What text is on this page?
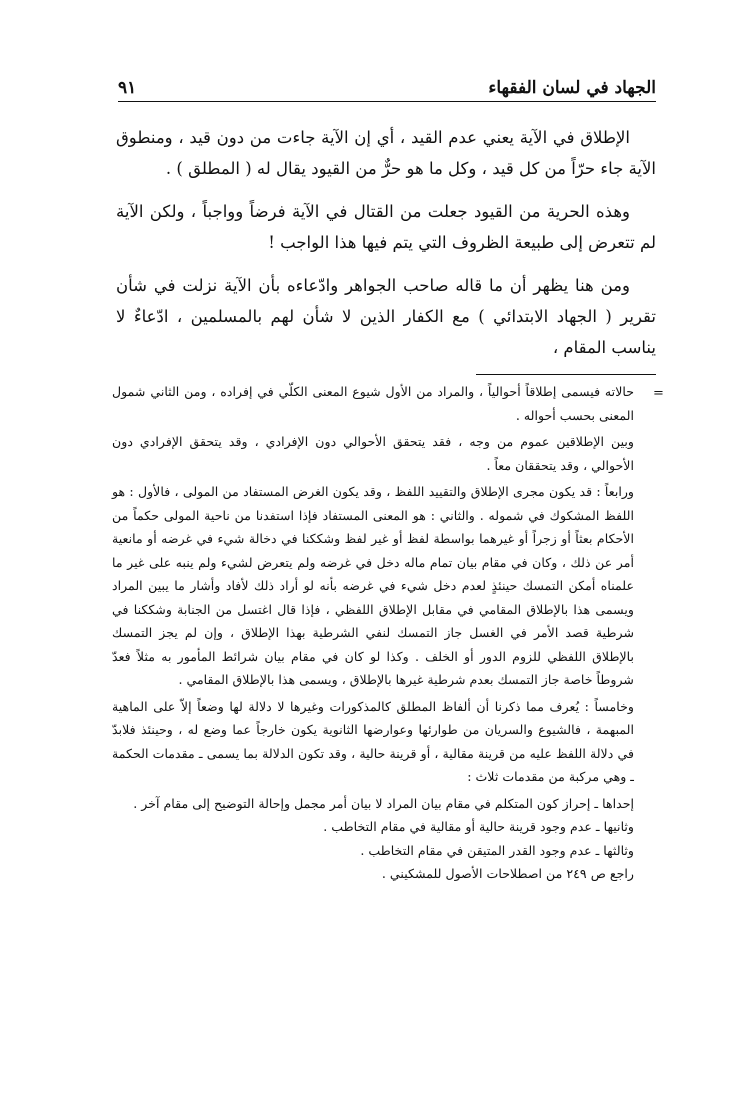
الجهاد في لسان الفقهاء
٩١

الإطلاق في الآية يعني عدم القيد ، أي إن الآية جاءت من دون قيد ، ومنطوق الآية جاء حرّاً من كل قيد ، وكل ما هو حرٌّ من القيود يقال له ( المطلق ) .

وهذه الحرية من القيود جعلت من القتال في الآية فرضاً وواجباً ، ولكن الآية لم تتعرض إلى طبيعة الظروف التي يتم فيها هذا الواجب !

ومن هنا يظهر أن ما قاله صاحب الجواهر وادّعاءه بأن الآية نزلت في شأن تقرير ( الجهاد الابتدائي ) مع الكفار الذين لا شأن لهم بالمسلمين ، ادّعاءٌ لا يناسب المقام ،

=

حالاته فيسمى إطلاقاً أحوالياً ، والمراد من الأول شيوع المعنى الكلّي في إفراده ، ومن الثاني شمول المعنى بحسب أحواله .

وبين الإطلاقين عموم من وجه ، فقد يتحقق الأحوالي دون الإفرادي ، وقد يتحقق الإفرادي دون الأحوالي ، وقد يتحققان معاً .

ورابعاً : قد يكون مجرى الإطلاق والتقييد اللفظ ، وقد يكون الغرض المستفاد من المولى ، فالأول : هو اللفظ المشكوك في شموله . والثاني : هو المعنى المستفاد فإذا استفدنا من ناحية المولى حكماً من الأحكام بعثاً أو زجراً أو غيرهما بواسطة لفظ أو غير لفظ وشككنا في دخالة شيء في غرضه أو مانعية أمر عن ذلك ، وكان في مقام بيان تمام ماله دخل في غرضه ولم يتعرض لشيء ولم ينبه على غير ما علمناه أمكن التمسك حينئذٍ لعدم دخل شيء في غرضه بأنه لو أراد ذلك لأفاد وأشار ما يبين المراد ويسمى هذا بالإطلاق المقامي في مقابل الإطلاق اللفظي ، فإذا قال اغتسل من الجنابة وشككنا في شرطية قصد الأمر في الغسل جاز التمسك لنفي الشرطية بهذا الإطلاق ، وإن لم يجز التمسك بالإطلاق اللفظي للزوم الدور أو الخلف . وكذا لو كان في مقام بيان شرائط المأمور به مثلاً فعدّ شروطاً خاصة جاز التمسك بعدم شرطية غيرها بالإطلاق ، ويسمى هذا بالإطلاق المقامي .

وخامساً : يُعرف مما ذكرنا أن ألفاظ المطلق كالمذكورات وغيرها لا دلالة لها وضعاً إلاّ على الماهية المبهمة ، فالشيوع والسريان من طوارئها وعوارضها الثانوية يكون خارجاً عما وضع له ، وحينئذ فلابدّ في دلالة اللفظ عليه من قرينة مقالية ، أو قرينة حالية ، وقد تكون الدلالة بما يسمى ـ مقدمات الحكمة ـ وهي مركبة من مقدمات ثلاث :

إحداها ـ إحراز كون المتكلم في مقام بيان المراد لا بيان أمر مجمل وإحالة التوضيح إلى مقام آخر .

وثانيها ـ عدم وجود قرينة حالية أو مقالية في مقام التخاطب .

وثالثها ـ عدم وجود القدر المتيقن في مقام التخاطب .

راجع ص ٢٤٩ من اصطلاحات الأصول للمشكيني .
